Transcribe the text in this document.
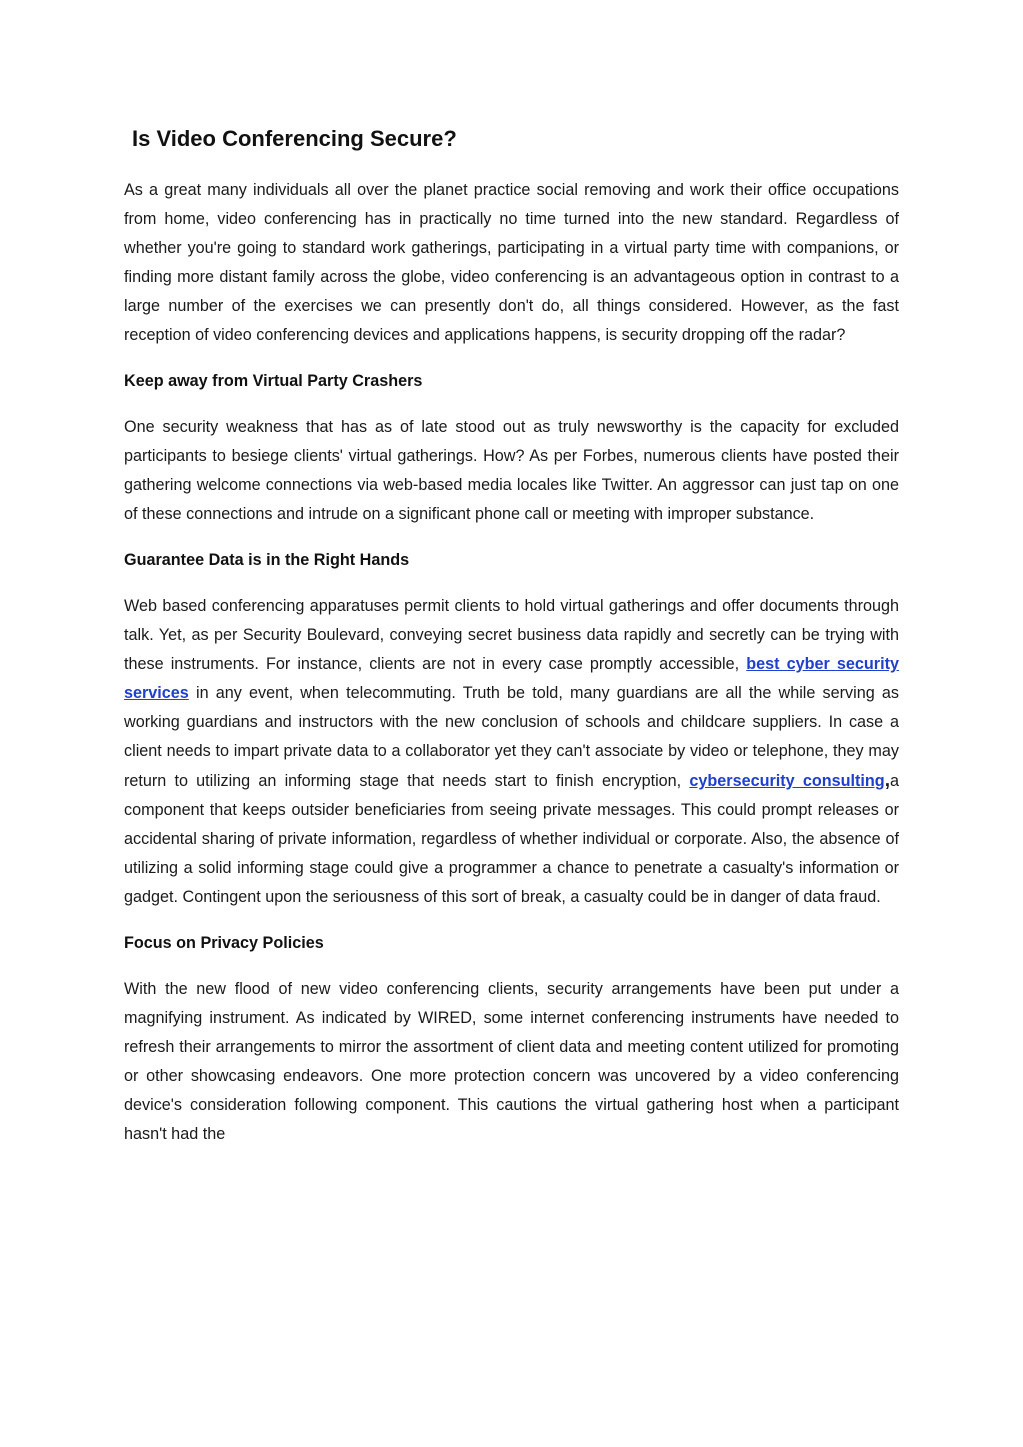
Is Video Conferencing Secure?

As a great many individuals all over the planet practice social removing and work their office occupations from home, video conferencing has in practically no time turned into the new standard. Regardless of whether you're going to standard work gatherings, participating in a virtual party time with companions, or finding more distant family across the globe, video conferencing is an advantageous option in contrast to a large number of the exercises we can presently don't do, all things considered. However, as the fast reception of video conferencing devices and applications happens, is security dropping off the radar?

Keep away from Virtual Party Crashers

One security weakness that has as of late stood out as truly newsworthy is the capacity for excluded participants to besiege clients' virtual gatherings. How? As per Forbes, numerous clients have posted their gathering welcome connections via web-based media locales like Twitter. An aggressor can just tap on one of these connections and intrude on a significant phone call or meeting with improper substance.

Guarantee Data is in the Right Hands

Web based conferencing apparatuses permit clients to hold virtual gatherings and offer documents through talk. Yet, as per Security Boulevard, conveying secret business data rapidly and secretly can be trying with these instruments. For instance, clients are not in every case promptly accessible, best cyber security services in any event, when telecommuting. Truth be told, many guardians are all the while serving as working guardians and instructors with the new conclusion of schools and childcare suppliers. In case a client needs to impart private data to a collaborator yet they can't associate by video or telephone, they may return to utilizing an informing stage that needs start to finish encryption, cybersecurity consulting,a component that keeps outsider beneficiaries from seeing private messages. This could prompt releases or accidental sharing of private information, regardless of whether individual or corporate. Also, the absence of utilizing a solid informing stage could give a programmer a chance to penetrate a casualty's information or gadget. Contingent upon the seriousness of this sort of break, a casualty could be in danger of data fraud.

Focus on Privacy Policies

With the new flood of new video conferencing clients, security arrangements have been put under a magnifying instrument. As indicated by WIRED, some internet conferencing instruments have needed to refresh their arrangements to mirror the assortment of client data and meeting content utilized for promoting or other showcasing endeavors. One more protection concern was uncovered by a video conferencing device's consideration following component. This cautions the virtual gathering host when a participant hasn't had the
